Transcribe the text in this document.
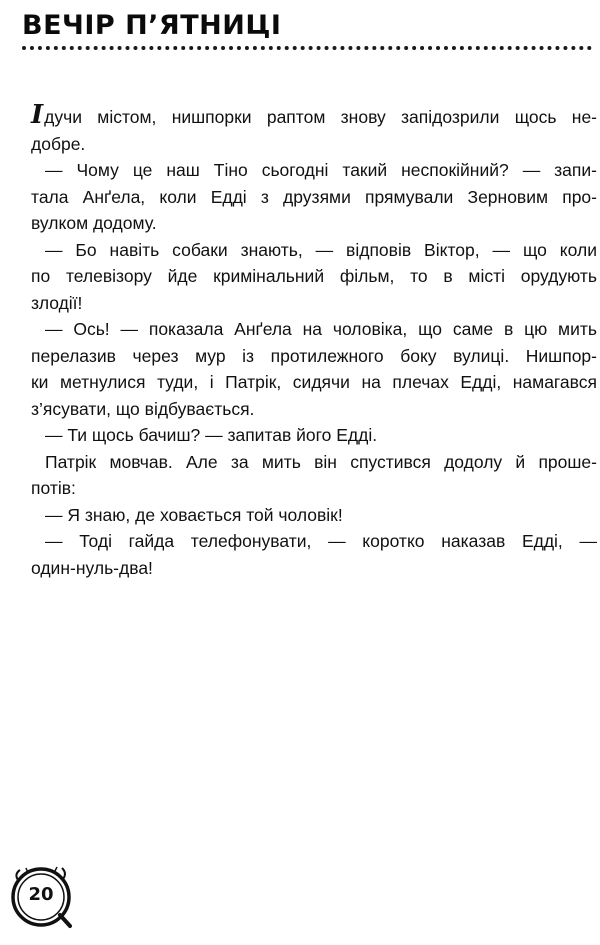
ВЕЧІР П’ЯТНИЦІ
Ідучи містом, нишпорки раптом знову запідозрили щось не-
добре.
— Чому це наш Тіно сьогодні такий неспокійний? — запи-
тала Анґела, коли Едді з друзями прямували Зерновим про-
вулком додому.
— Бо навіть собаки знають, — відповів Віктор, — що коли
по телевізору йде кримінальний фільм, то в місті орудують
злодії!
— Ось! — показала Анґела на чоловіка, що саме в цю мить
перелазив через мур із протилежного боку вулиці. Нишпор-
ки метнулися туди, і Патрік, сидячи на плечах Едді, намагався
з’ясувати, що відбувається.
— Ти щось бачиш? — запитав його Едді.
Патрік мовчав. Але за мить він спустився додолу й проше-
потів:
— Я знаю, де ховається той чоловік!
— Тоді гайда телефонувати, — коротко наказав Едді, —
один-нуль-два!
20
